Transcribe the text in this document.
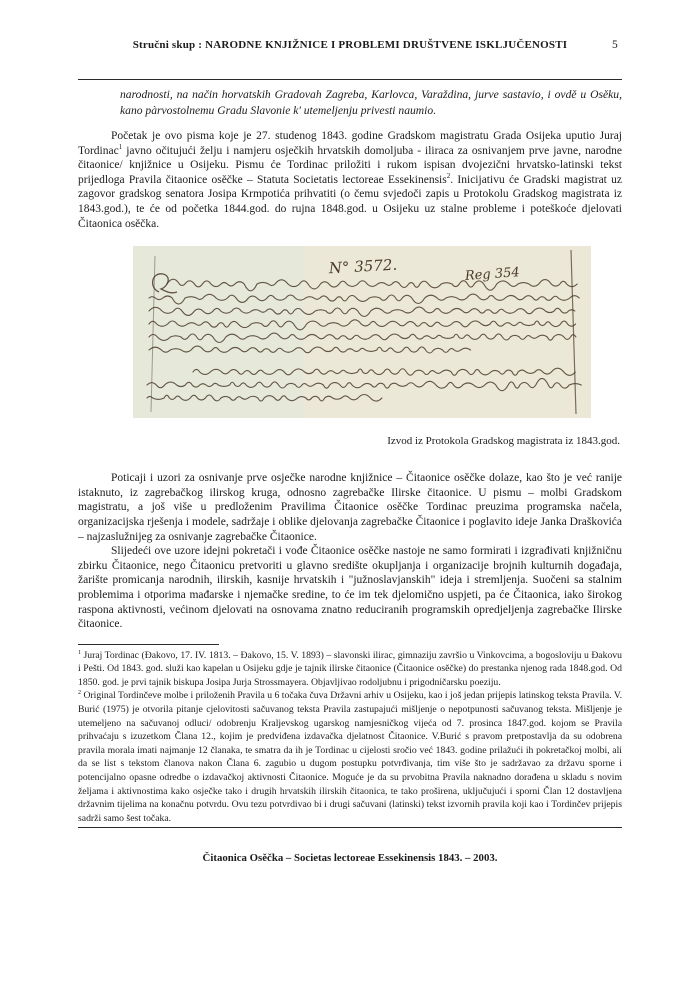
Stručni skup : NARODNE KNJIŽNICE I PROBLEMI DRUŠTVENE ISKLJUČENOSTI	5

narodnosti, na način horvatskih Gradovah Zagreba, Karlovca, Varaždina, jurve sastavio, i ovdě u Osěku, kano pàrvostolnemu Gradu Slavonie k' utemeljenju privesti naumio.

Početak je ovo pisma koje je 27. studenog 1843. godine Gradskom magistratu Grada Osijeka uputio Juraj Tordinac$^1$ javno očitujući želju i namjeru osječkih hrvatskih domoljuba - iliraca za osnivanjem prve javne, narodne čitaonice/ knjižnice u Osijeku. Pismu će Tordinac priložiti i rukom ispisan dvojezični hrvatsko-latinski tekst prijedloga Pravila čitaonice osěčke – Statuta Societatis lectoreae Essekinensis$^2$. Inicijativu će Gradski magistrat uz zagovor gradskog senatora Josipa Krmpotića prihvatiti (o čemu svjedoči zapis u Protokolu Gradskog magistrata iz 1843.god.), te će od početka 1844.god. do rujna 1848.god. u Osijeku uz stalne probleme i poteškoće djelovati Čitaonica osěčka.

N° 3572.	Reg 354
Izvod iz Protokola Gradskog magistrata iz 1843.god.

Poticaji i uzori za osnivanje prve osječke narodne knjižnice – Čitaonice osěčke dolaze, kao što je već ranije istaknuto, iz zagrebačkog ilirskog kruga, odnosno zagrebačke Ilirske čitaonice. U pismu – molbi Gradskom magistratu, a još više u predloženim Pravilima Čitaonice osěčke Tordinac preuzima programska načela, organizacijska rješenja i modele, sadržaje i oblike djelovanja zagrebačke Čitaonice i poglavito ideje Janka Draškovića – najzaslužnijeg za osnivanje zagrebačke Čitaonice.

Slijedeći ove uzore idejni pokretači i vođe Čitaonice osěčke nastoje ne samo formirati i izgrađivati knjižničnu zbirku Čitaonice, nego Čitaonicu pretvoriti u glavno središte okupljanja i organizacije brojnih kulturnih događaja, žarište promicanja narodnih, ilirskih, kasnije hrvatskih i "južnoslavjanskih" ideja i stremljenja. Suočeni sa stalnim problemima i otporima mađarske i njemačke sredine, to će im tek djelomično uspjeti, pa će Čitaonica, iako širokog raspona aktivnosti, većinom djelovati na osnovama znatno reduciranih programskih opredjeljenja zagrebačke Ilirske čitaonice.

$^1$ Juraj Tordinac (Đakovo, 17. IV. 1813. – Đakovo, 15. V. 1893) – slavonski ilirac, gimnaziju završio u Vinkovcima, a bogosloviju u Đakovu i Pešti. Od 1843. god. služi kao kapelan u Osijeku gdje je tajnik ilirske čitaonice (Čitaonice osěčke) do prestanka njenog rada 1848.god. Od 1850. god. je prvi tajnik biskupa Josipa Jurja Strossmayera. Objavljivao rodoljubnu i prigodničarsku poeziju.

$^2$ Original Tordinčeve molbe i priloženih Pravila u 6 točaka čuva Državni arhiv u Osijeku, kao i još jedan prijepis latinskog teksta Pravila. V. Burić (1975) je otvorila pitanje cjelovitosti sačuvanog teksta Pravila zastupajući mišljenje o nepotpunosti sačuvanog teksta. Mišljenje je utemeljeno na sačuvanoj odluci/ odobrenju Kraljevskog ugarskog namjesničkog vijeća od 7. prosinca 1847.god. kojom se Pravila prihvaćaju s izuzetkom Člana 12., kojim je predviđena izdavačka djelatnost Čitaonice. V.Burić s pravom pretpostavlja da su odobrena pravila morala imati najmanje 12 članaka, te smatra da ih je Tordinac u cijelosti sročio već 1843. godine prilažući ih pokretačkoj molbi, ali da se list s tekstom članova nakon Člana 6. zagubio u dugom postupku potvrđivanja, tim više što je sadržavao za državu sporne i potencijalno opasne odredbe o izdavačkoj aktivnosti Čitaonice. Moguće je da su prvobitna Pravila naknadno dorađena u skladu s novim željama i aktivnostima kako osječke tako i drugih hrvatskih ilirskih čitaonica, te tako proširena, uključujući i sporni Član 12 dostavljena državnim tijelima na konačnu potvrdu. Ovu tezu potvrdivao bi i drugi sačuvani (latinski) tekst izvornih pravila koji kao i Tordinčev prijepis sadrži samo šest točaka.

Čitaonica Osěčka – Societas lectoreae Essekinensis 1843. – 2003.
